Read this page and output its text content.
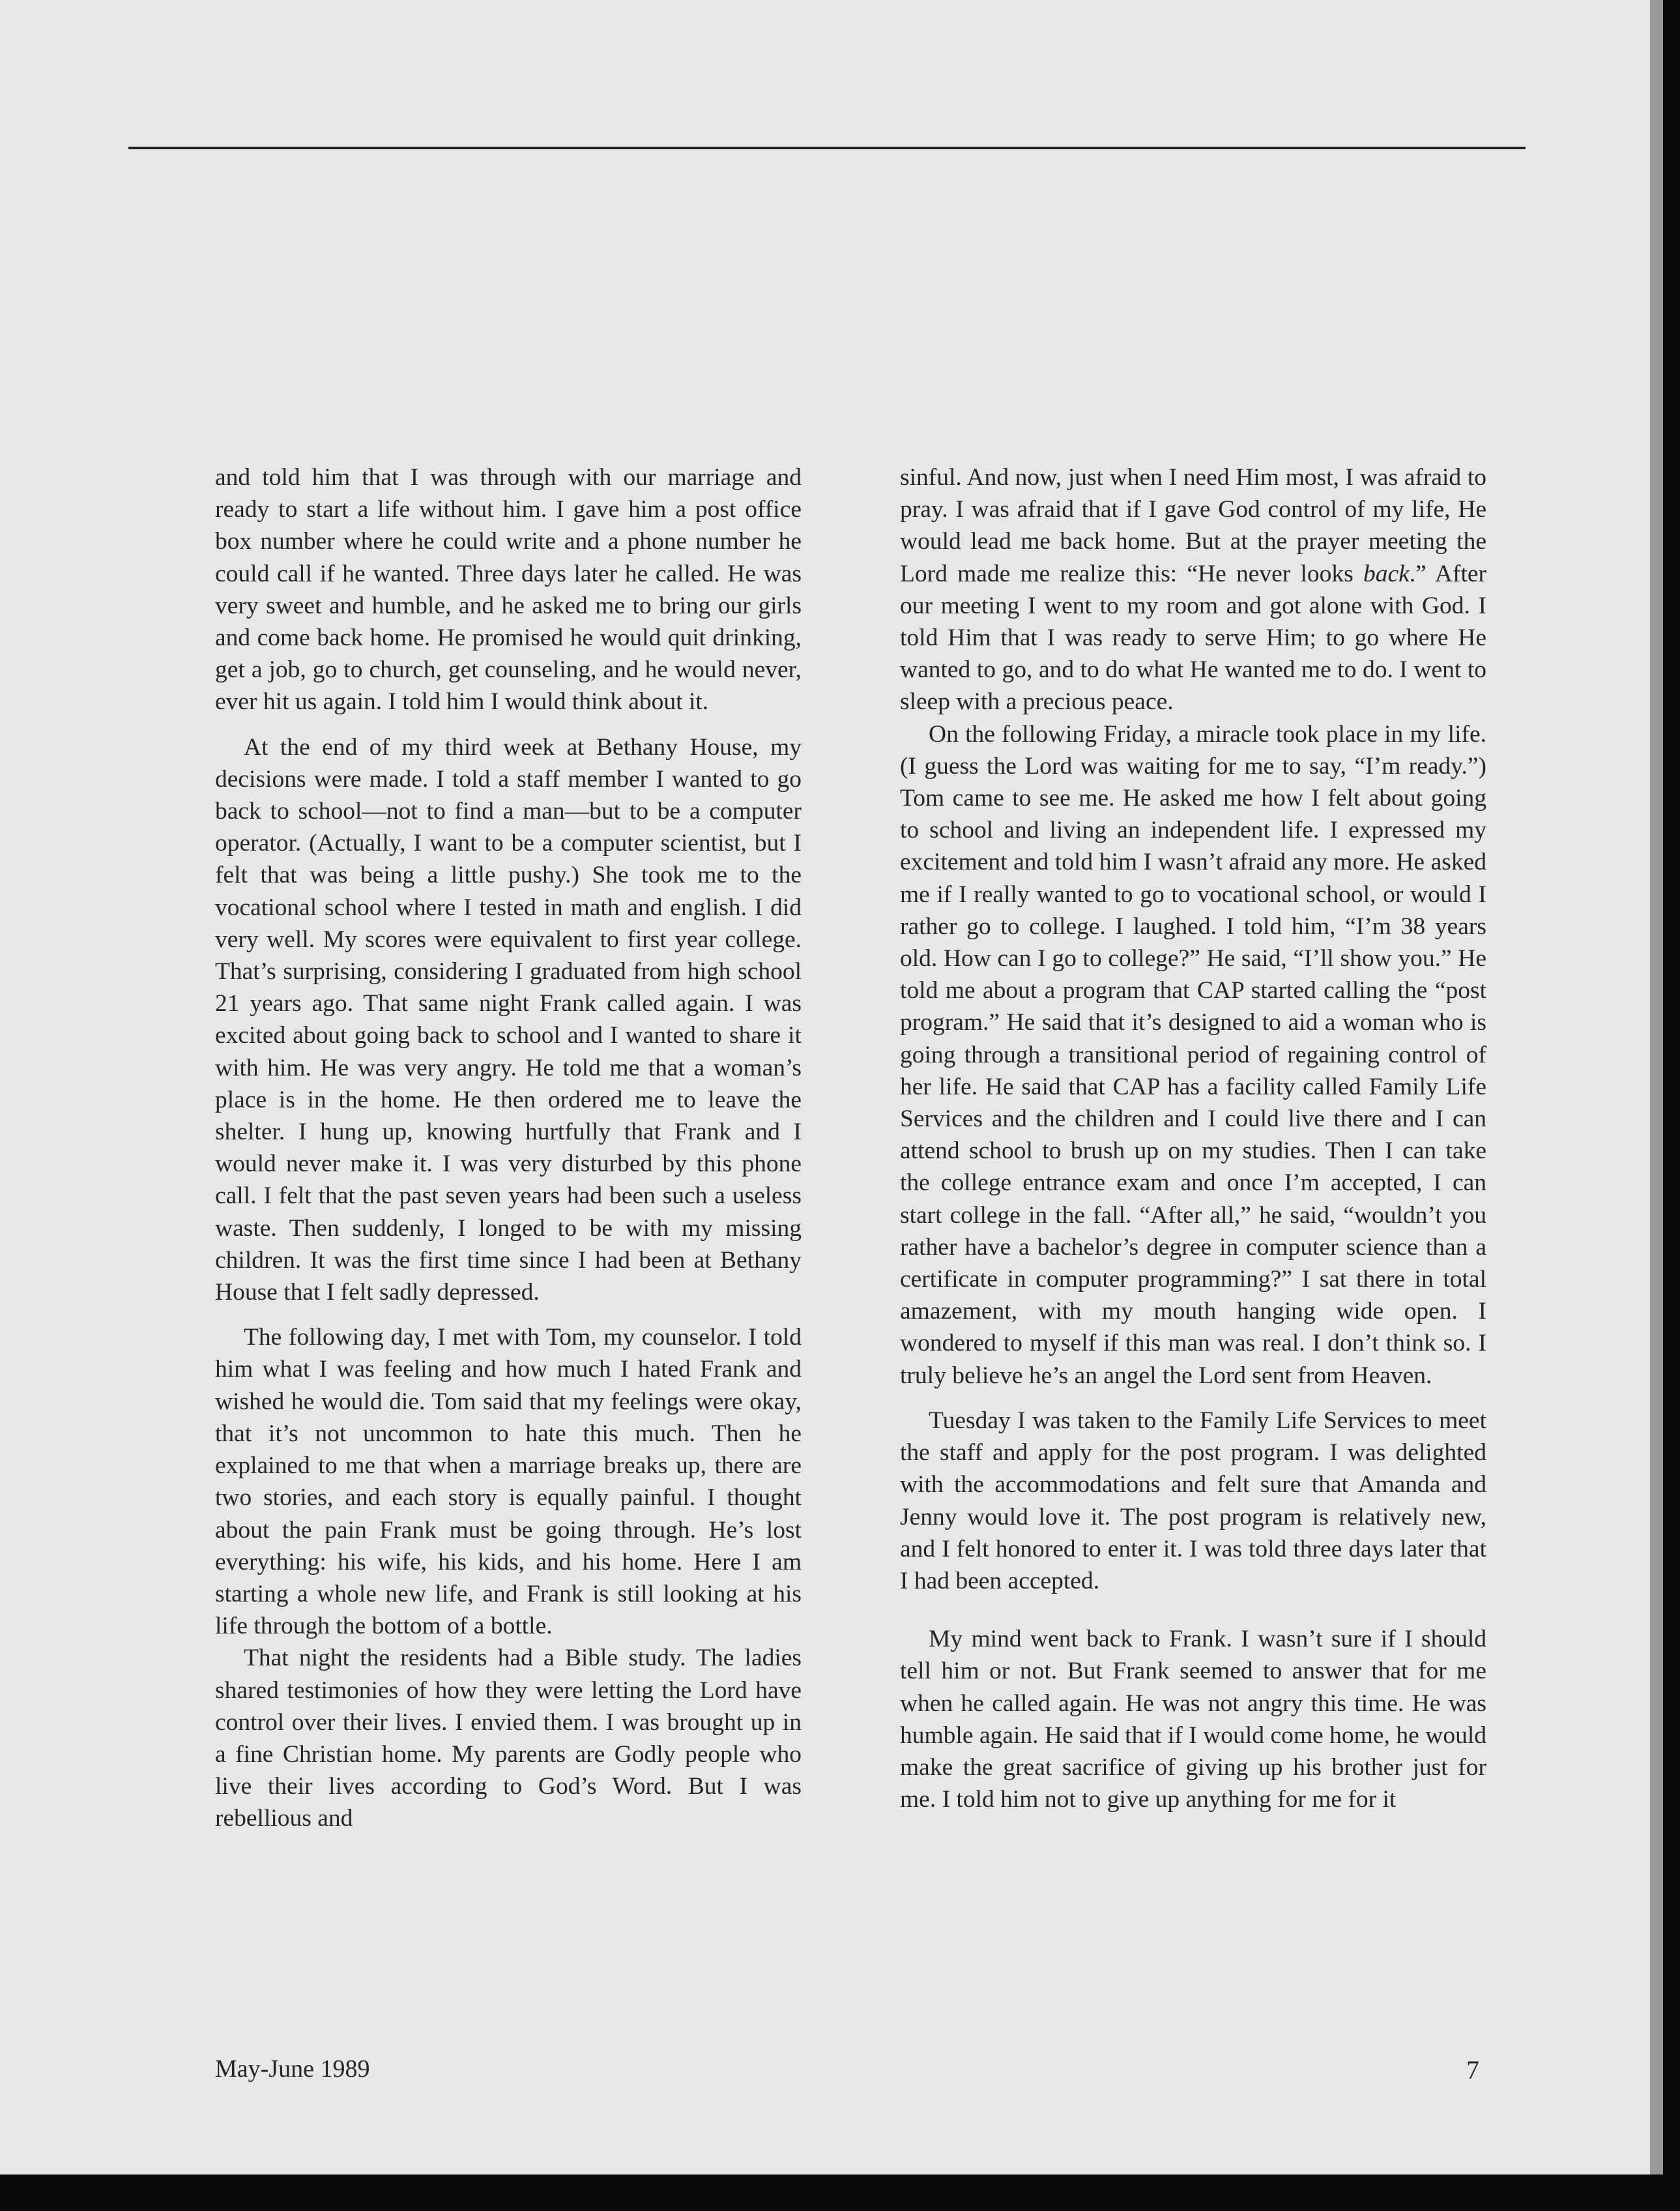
and told him that I was through with our marriage and ready to start a life without him. I gave him a post office box number where he could write and a phone number he could call if he wanted. Three days later he called. He was very sweet and humble, and he asked me to bring our girls and come back home. He promised he would quit drinking, get a job, go to church, get counseling, and he would never, ever hit us again. I told him I would think about it.

At the end of my third week at Bethany House, my decisions were made. I told a staff member I wanted to go back to school—not to find a man—but to be a computer operator. (Actually, I want to be a computer scientist, but I felt that was being a little pushy.) She took me to the vocational school where I tested in math and english. I did very well. My scores were equivalent to first year college. That’s surprising, considering I graduated from high school 21 years ago. That same night Frank called again. I was excited about going back to school and I wanted to share it with him. He was very angry. He told me that a woman’s place is in the home. He then ordered me to leave the shelter. I hung up, knowing hurtfully that Frank and I would never make it. I was very disturbed by this phone call. I felt that the past seven years had been such a useless waste. Then suddenly, I longed to be with my missing children. It was the first time since I had been at Bethany House that I felt sadly depressed.

The following day, I met with Tom, my counselor. I told him what I was feeling and how much I hated Frank and wished he would die. Tom said that my feelings were okay, that it’s not uncommon to hate this much. Then he explained to me that when a marriage breaks up, there are two stories, and each story is equally painful. I thought about the pain Frank must be going through. He’s lost everything: his wife, his kids, and his home. Here I am starting a whole new life, and Frank is still looking at his life through the bottom of a bottle.

That night the residents had a Bible study. The ladies shared testimonies of how they were letting the Lord have control over their lives. I envied them. I was brought up in a fine Christian home. My parents are Godly people who live their lives according to God’s Word. But I was rebellious and

sinful. And now, just when I need Him most, I was afraid to pray. I was afraid that if I gave God control of my life, He would lead me back home. But at the prayer meeting the Lord made me realize this: “He never looks back.” After our meeting I went to my room and got alone with God. I told Him that I was ready to serve Him; to go where He wanted to go, and to do what He wanted me to do. I went to sleep with a precious peace.

On the following Friday, a miracle took place in my life. (I guess the Lord was waiting for me to say, “I’m ready.”) Tom came to see me. He asked me how I felt about going to school and living an independent life. I expressed my excitement and told him I wasn’t afraid any more. He asked me if I really wanted to go to vocational school, or would I rather go to college. I laughed. I told him, “I’m 38 years old. How can I go to college?” He said, “I’ll show you.” He told me about a program that CAP started calling the “post program.” He said that it’s designed to aid a woman who is going through a transitional period of regaining control of her life. He said that CAP has a facility called Family Life Services and the children and I could live there and I can attend school to brush up on my studies. Then I can take the college entrance exam and once I’m accepted, I can start college in the fall. “After all,” he said, “wouldn’t you rather have a bachelor’s degree in computer science than a certificate in computer programming?” I sat there in total amazement, with my mouth hanging wide open. I wondered to myself if this man was real. I don’t think so. I truly believe he’s an angel the Lord sent from Heaven.

Tuesday I was taken to the Family Life Services to meet the staff and apply for the post program. I was delighted with the accommodations and felt sure that Amanda and Jenny would love it. The post program is relatively new, and I felt honored to enter it. I was told three days later that I had been accepted.

My mind went back to Frank. I wasn’t sure if I should tell him or not. But Frank seemed to answer that for me when he called again. He was not angry this time. He was humble again. He said that if I would come home, he would make the great sacrifice of giving up his brother just for me. I told him not to give up anything for me for it

May-June 1989	7
